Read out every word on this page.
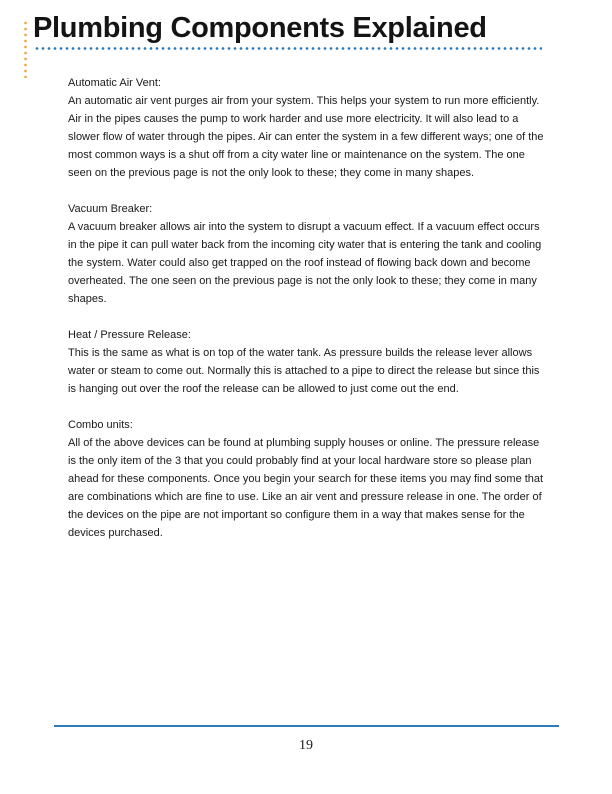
Plumbing Components Explained

Automatic Air Vent:
An automatic air vent purges air from your system. This helps your system to run more efficiently. Air in the pipes causes the pump to work harder and use more electricity. It will also lead to a slower flow of water through the pipes. Air can enter the system in a few different ways; one of the most common ways is a shut off from a city water line or maintenance on the system. The one seen on the previous page is not the only look to these; they come in many shapes.

Vacuum Breaker:
A vacuum breaker allows air into the system to disrupt a vacuum effect. If a vacuum effect occurs in the pipe it can pull water back from the incoming city water that is entering the tank and cooling the system. Water could also get trapped on the roof instead of flowing back down and become overheated. The one seen on the previous page is not the only look to these; they come in many shapes.

Heat / Pressure Release:
This is the same as what is on top of the water tank. As pressure builds the release lever allows water or steam to come out. Normally this is attached to a pipe to direct the release but since this is hanging out over the roof the release can be allowed to just come out the end.

Combo units:
All of the above devices can be found at plumbing supply houses or online. The pressure release is the only item of the 3 that you could probably find at your local hardware store so please plan ahead for these components. Once you begin your search for these items you may find some that are combinations which are fine to use. Like an air vent and pressure release in one. The order of the devices on the pipe are not important so configure them in a way that makes sense for the devices purchased.

19
